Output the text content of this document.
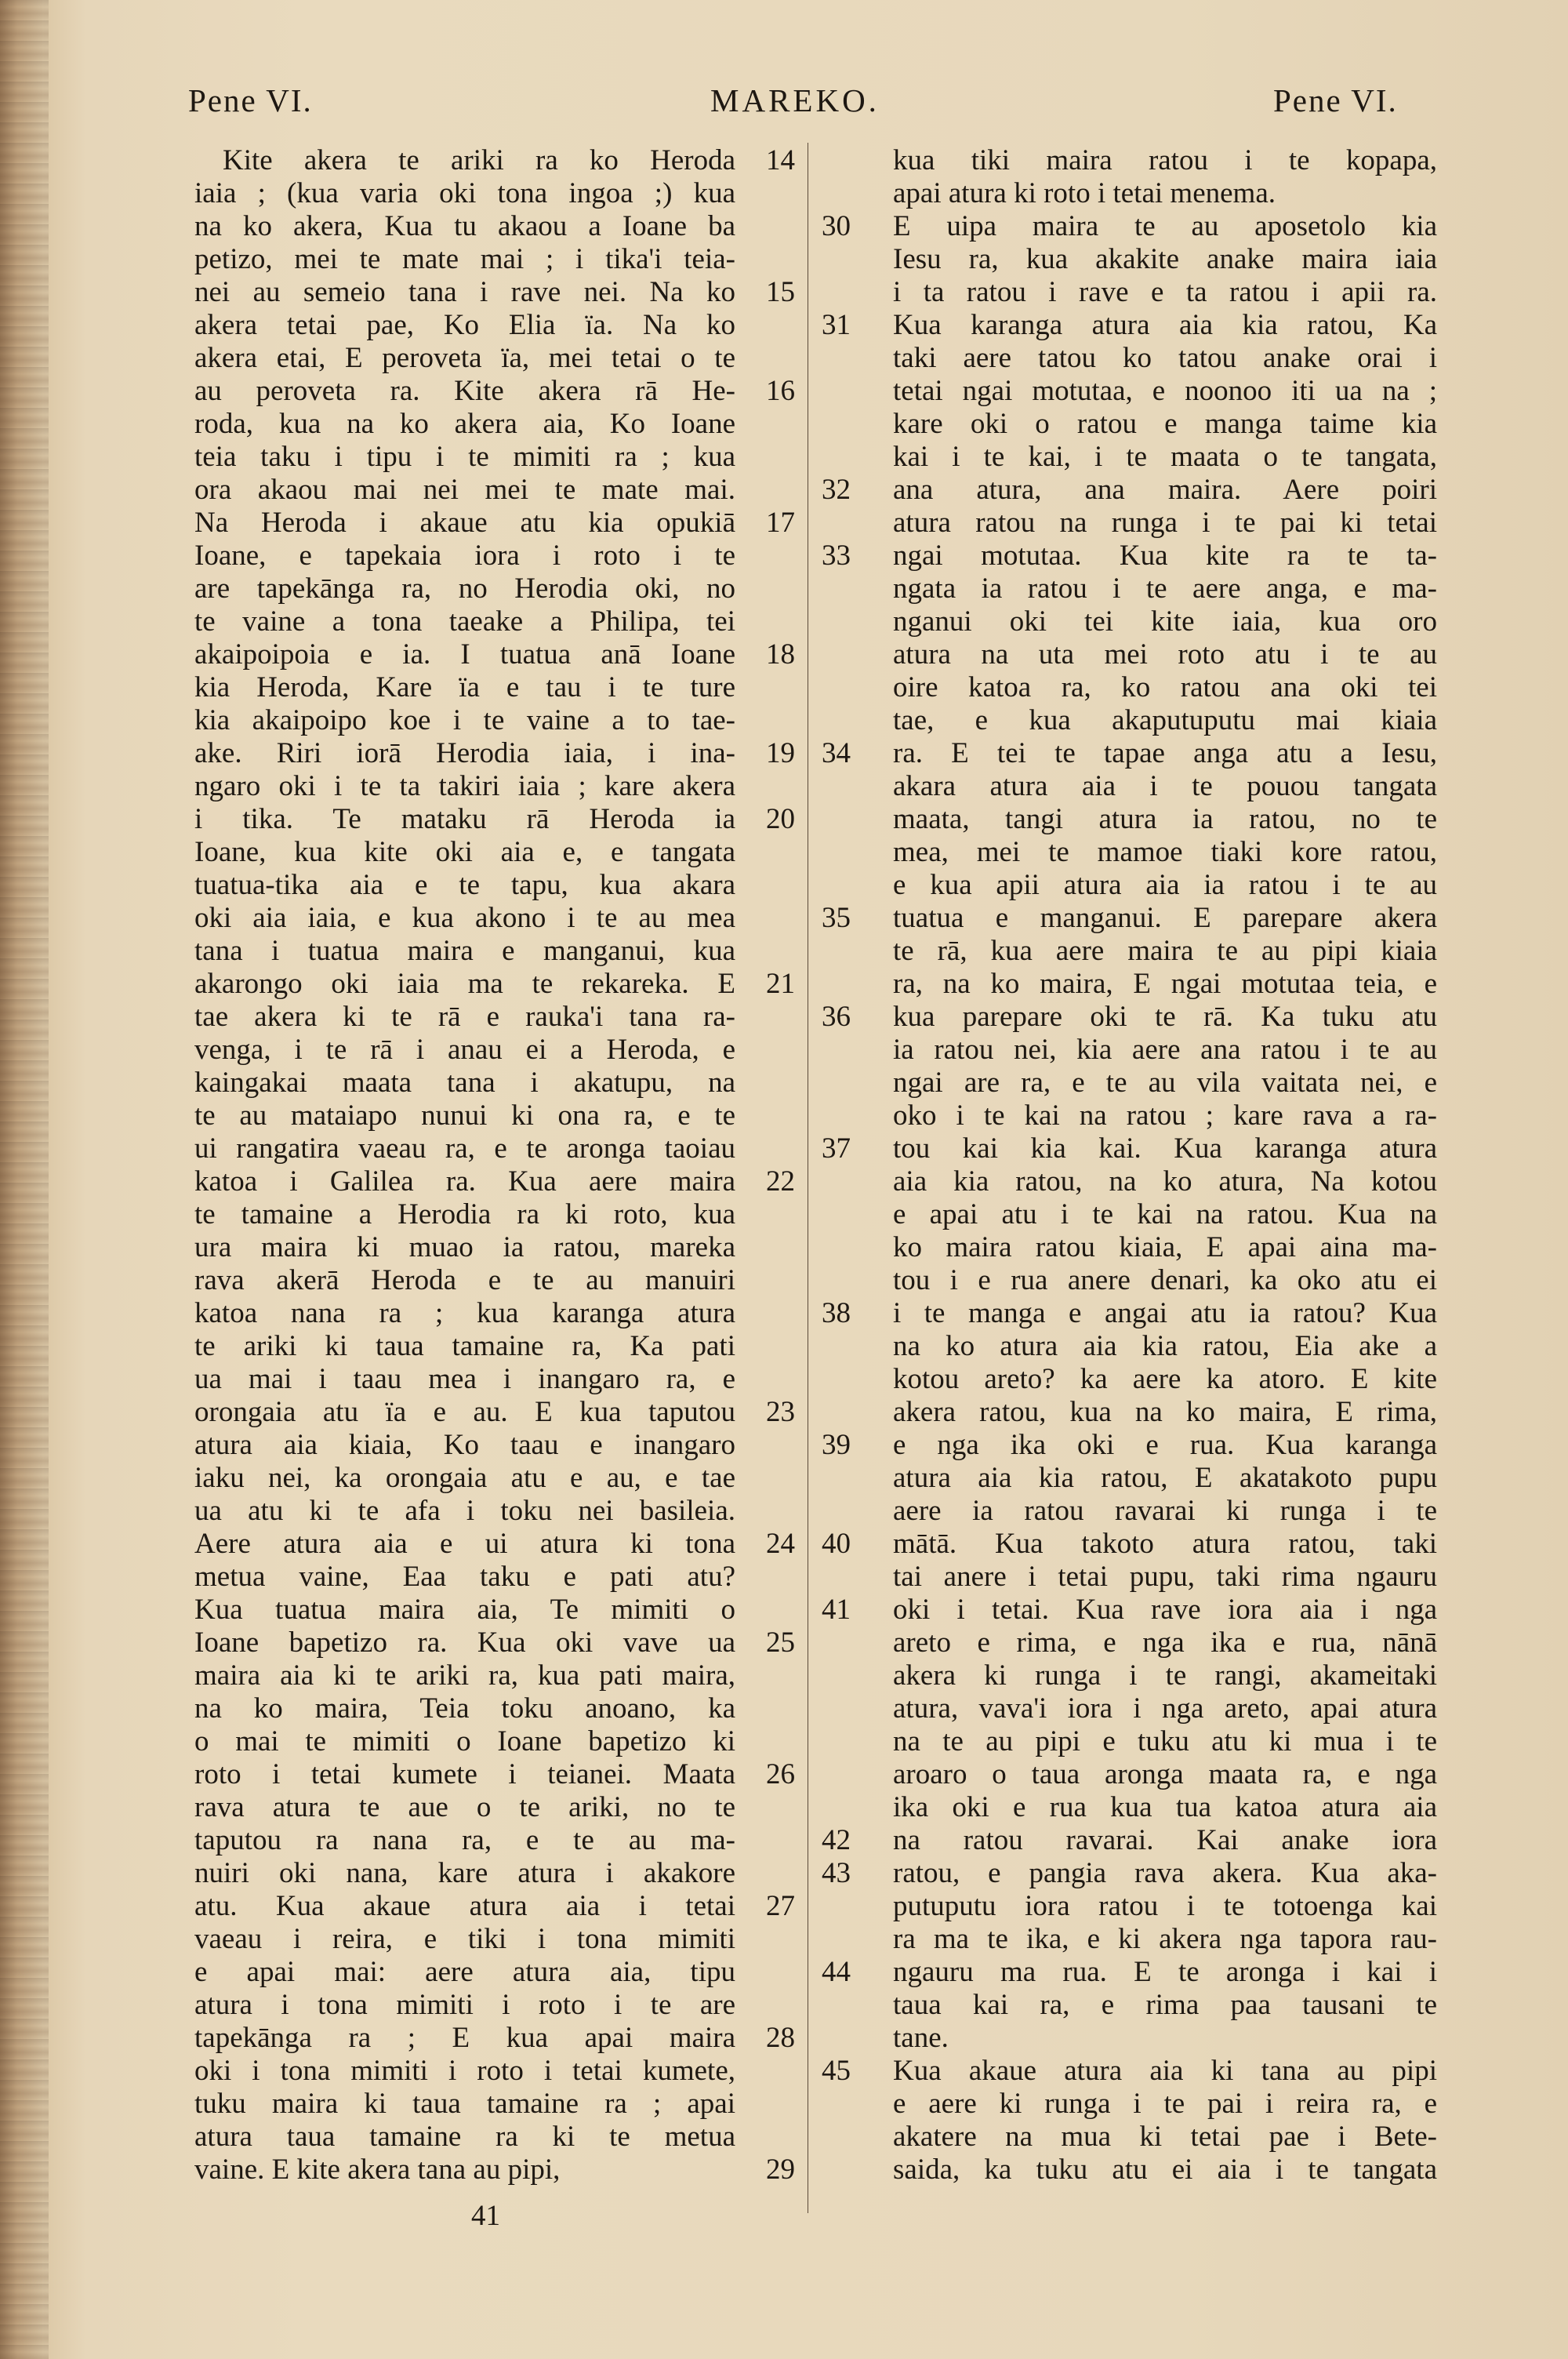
Pene VI.	MAREKO.	Pene VI.
Kite akera te ariki ra ko Heroda	14
iaia ; (kua varia oki tona ingoa ;) kua
na ko akera, Kua tu akaou a Ioane ba
petizo, mei te mate mai ; i tika'i teia-
nei au semeio tana i rave nei. Na ko	15
akera tetai pae, Ko Elia ïa. Na ko
akera etai, E peroveta ïa, mei tetai o te
au peroveta ra. Kite akera rā He-	16
roda, kua na ko akera aia, Ko Ioane
teia taku i tipu i te mimiti ra ; kua
ora akaou mai nei mei te mate mai.
Na Heroda i akaue atu kia opukiā	17
Ioane, e tapekaia iora i roto i te
are tapekānga ra, no Herodia oki, no
te vaine a tona taeake a Philipa, tei
akaipoipoia e ia. I tuatua anā Ioane	18
kia Heroda, Kare ïa e tau i te ture
kia akaipoipo koe i te vaine a to tae-
ake. Riri iorā Herodia iaia, i ina-	19
ngaro oki i te ta takiri iaia ; kare akera
i tika. Te mataku rā Heroda ia	20
Ioane, kua kite oki aia e, e tangata
tuatua-tika aia e te tapu, kua akara
oki aia iaia, e kua akono i te au mea
tana i tuatua maira e manganui, kua
akarongo oki iaia ma te rekareka. E	21
tae akera ki te rā e rauka'i tana ra-
venga, i te rā i anau ei a Heroda, e
kaingakai maata tana i akatupu, na
te au mataiapo nunui ki ona ra, e te
ui rangatira vaeau ra, e te aronga taoiau
katoa i Galilea ra. Kua aere maira	22
te tamaine a Herodia ra ki roto, kua
ura maira ki muao ia ratou, mareka
rava akerā Heroda e te au manuiri
katoa nana ra ; kua karanga atura
te ariki ki taua tamaine ra, Ka pati
ua mai i taau mea i inangaro ra, e
orongaia atu ïa e au. E kua taputou	23
atura aia kiaia, Ko taau e inangaro
iaku nei, ka orongaia atu e au, e tae
ua atu ki te afa i toku nei basileia.
Aere atura aia e ui atura ki tona	24
metua vaine, Eaa taku e pati atu?
Kua tuatua maira aia, Te mimiti o
Ioane bapetizo ra. Kua oki vave ua	25
maira aia ki te ariki ra, kua pati maira,
na ko maira, Teia toku anoano, ka
o mai te mimiti o Ioane bapetizo ki
roto i tetai kumete i teianei. Maata	26
rava atura te aue o te ariki, no te
taputou ra nana ra, e te au ma-
nuiri oki nana, kare atura i akakore
atu. Kua akaue atura aia i tetai	27
vaeau i reira, e tiki i tona mimiti
e apai mai: aere atura aia, tipu
atura i tona mimiti i roto i te are
tapekānga ra ; E kua apai maira	28
oki i tona mimiti i roto i tetai kumete,
tuku maira ki taua tamaine ra ; apai
atura taua tamaine ra ki te metua
vaine. E kite akera tana au pipi,	29
kua tiki maira ratou i te kopapa,
apai atura ki roto i tetai menema.
E uipa maira te au aposetolo kia
30
Iesu ra, kua akakite anake maira iaia
i ta ratou i rave e ta ratou i apii ra.
Kua karanga atura aia kia ratou, Ka
31
taki aere tatou ko tatou anake orai i
tetai ngai motutaa, e noonoo iti ua na ;
kare oki o ratou e manga taime kia
kai i te kai, i te maata o te tangata,
ana atura, ana maira. Aere poiri
32
atura ratou na runga i te pai ki tetai
ngai motutaa. Kua kite ra te ta-
33
ngata ia ratou i te aere anga, e ma-
nganui oki tei kite iaia, kua oro
atura na uta mei roto atu i te au
oire katoa ra, ko ratou ana oki tei
tae, e kua akaputuputu mai kiaia
ra. E tei te tapae anga atu a Iesu,
34
akara atura aia i te pouou tangata
maata, tangi atura ia ratou, no te
mea, mei te mamoe tiaki kore ratou,
e kua apii atura aia ia ratou i te au
tuatua e manganui. E parepare akera
35
te rā, kua aere maira te au pipi kiaia
ra, na ko maira, E ngai motutaa teia, e
kua parepare oki te rā. Ka tuku atu
36
ia ratou nei, kia aere ana ratou i te au
ngai are ra, e te au vila vaitata nei, e
oko i te kai na ratou ; kare rava a ra-
tou kai kia kai. Kua karanga atura
37
aia kia ratou, na ko atura, Na kotou
e apai atu i te kai na ratou. Kua na
ko maira ratou kiaia, E apai aina ma-
tou i e rua anere denari, ka oko atu ei
i te manga e angai atu ia ratou? Kua
38
na ko atura aia kia ratou, Eia ake a
kotou areto? ka aere ka atoro. E kite
akera ratou, kua na ko maira, E rima,
e nga ika oki e rua. Kua karanga
39
atura aia kia ratou, E akatakoto pupu
aere ia ratou ravarai ki runga i te
mātā. Kua takoto atura ratou, taki
40
tai anere i tetai pupu, taki rima ngauru
oki i tetai. Kua rave iora aia i nga
41
areto e rima, e nga ika e rua, nānā
akera ki runga i te rangi, akameitaki
atura, vava'i iora i nga areto, apai atura
na te au pipi e tuku atu ki mua i te
aroaro o taua aronga maata ra, e nga
ika oki e rua kua tua katoa atura aia
na ratou ravarai. Kai anake iora
42
ratou, e pangia rava akera. Kua aka-
43
putuputu iora ratou i te totoenga kai
ra ma te ika, e ki akera nga tapora rau-
ngauru ma rua. E te aronga i kai i
44
taua kai ra, e rima paa tausani te
tane.
Kua akaue atura aia ki tana au pipi
45
e aere ki runga i te pai i reira ra, e
akatere na mua ki tetai pae i Bete-
saida, ka tuku atu ei aia i te tangata
41
